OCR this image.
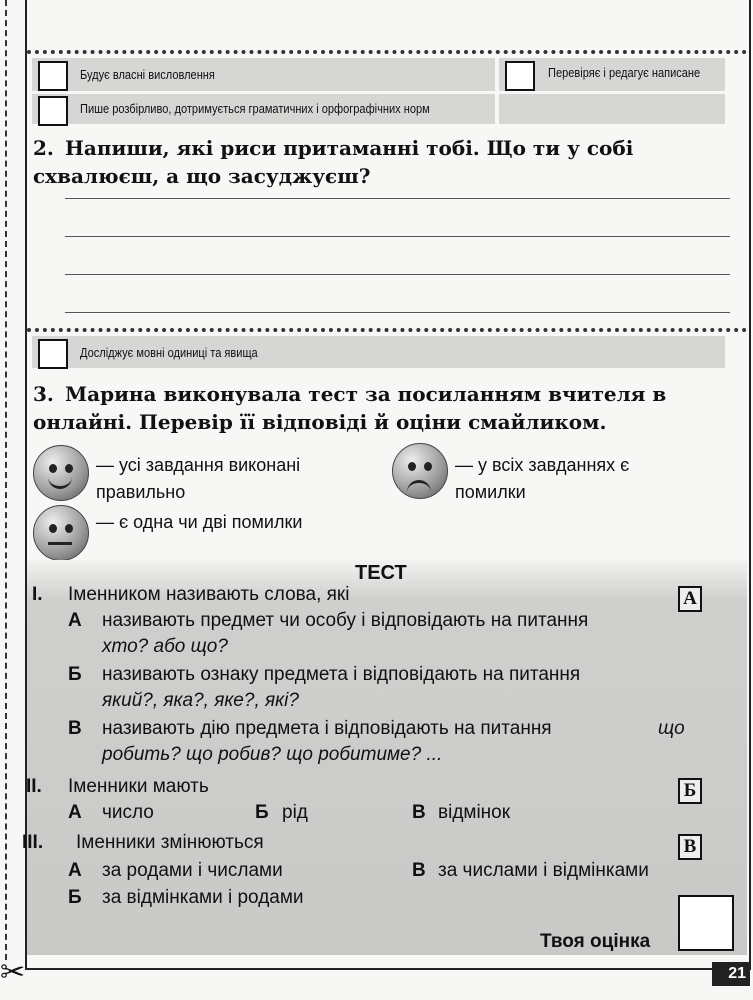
Будує власні висловлення	Перевіряє і редагує написане
Пише розбірливо, дотримується граматичних і орфографічних норм
2. Напиши, які риси притаманні тобі. Що ти у собі схвалюєш, а що засуджуєш?
Досліджує мовні одиниці та явища
3. Марина виконувала тест за посиланням вчителя в онлайні. Перевір її відповіді й оціни смайликом.
— усі завдання виконані правильно
— у всіх завданнях є помилки
— є одна чи дві помилки
ТЕСТ
I. Іменником називають слова, які	А
А називають предмет чи особу і відповідають на питання
хто? або що?
Б називають ознаку предмета і відповідають на питання
який?, яка?, яке?, які?
В називають дію предмета і відповідають на питання	що
робить? що робив? що робитиме? ...
II. Іменники мають	Б
А число	Б рід	В відмінок
III. Іменники змінюються	В
А за родами і числами	В за числами і відмінками
Б за відмінками і родами
Твоя оцінка
✂	21
